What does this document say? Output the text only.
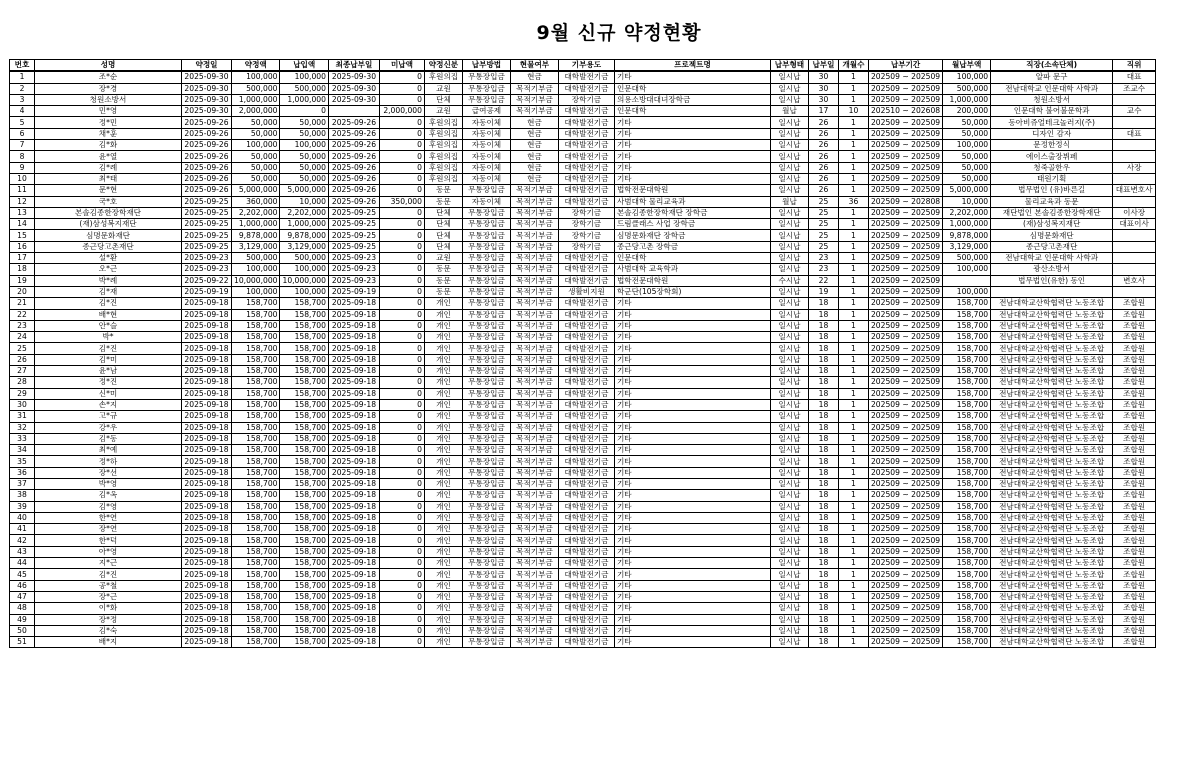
9월 신규 약정현황
번호	성명	약정일	약정액	납입액	최종납부일	미납액	약정신분	납부방법	현물여부	기부용도	프로젝트명	납부형태	납부일	개월수	납부기간	월납부액	직장(소속단체)	직위
1	조*순	2025-09-30	100,000	100,000	2025-09-30	0	후원의집	무통장입금	현금	대학발전기금	기타	일시납	30	1	202509 ~ 202509	100,000	알파 문구	대표
2	장*경	2025-09-30	500,000	500,000	2025-09-30	0	교원	무통장입금	목적기부금	대학발전기금	인문대학	일시납	30	1	202509 ~ 202509	500,000	전남대학교 인문대학 사학과	조교수
3	청원소방서	2025-09-30	1,000,000	1,000,000	2025-09-30	0	단체	무통장입금	목적기부금	장학기금	의용소방대대녀장학금	일시납	30	1	202509 ~ 202509	1,000,000	청원소방서	
4	민*영	2025-09-30	2,000,000	0		2,000,000	교원	급여공제	목적기부금	대학발전기금	인문대학	월납	17	10	202510 ~ 202608	200,000	인문대학 불어불문학과	교수
5	정*민	2025-09-26	50,000	50,000	2025-09-26	0	후원의집	자동이체	현금	대학발전기금	기타	일시납	26	1	202509 ~ 202509	50,000	동아비쥬얼테크놀러지(주)	
6	채*훈	2025-09-26	50,000	50,000	2025-09-26	0	후원의집	자동이체	현금	대학발전기금	기타	일시납	26	1	202509 ~ 202509	50,000	디자인 감자	대표
7	김*화	2025-09-26	100,000	100,000	2025-09-26	0	후원의집	자동이체	현금	대학발전기금	기타	일시납	26	1	202509 ~ 202509	100,000	문정한정식	
8	윤*열	2025-09-26	50,000	50,000	2025-09-26	0	후원의집	자동이체	현금	대학발전기금	기타	일시납	26	1	202509 ~ 202509	50,000	에이스출장뷔페	
9	김*례	2025-09-26	50,000	50,000	2025-09-26	0	후원의집	자동이체	현금	대학발전기금	기타	일시납	26	1	202509 ~ 202509	50,000	청죽골한우	사장
10	최*태	2025-09-26	50,000	50,000	2025-09-26	0	후원의집	자동이체	현금	대학발전기금	기타	일시납	26	1	202509 ~ 202509	50,000	태원기획	
11	문*현	2025-09-26	5,000,000	5,000,000	2025-09-26	0	동문	무통장입금	목적기부금	대학발전기금	법학전문대학원	일시납	26	1	202509 ~ 202509	5,000,000	법무법인 (유)바른길	대표변호사
12	국*호	2025-09-25	360,000	10,000	2025-09-26	350,000	동문	자동이체	목적기부금	대학발전기금	사범대학 물리교육과	월납	25	36	202509 ~ 202808	10,000	물리교육과 동문	
13	본솔김종한장학재단	2025-09-25	2,202,000	2,202,000	2025-09-25	0	단체	무통장입금	목적기부금	장학기금	본솔김종한장학재단 장학금	일시납	25	1	202509 ~ 202509	2,202,000	재단법인 본솔김종한장학재단	이사장
14	(재)삼성복지재단	2025-09-25	1,000,000	1,000,000	2025-09-25	0	단체	무통장입금	목적기부금	장학기금	드림클래스 사업 장학금	일시납	25	1	202509 ~ 202509	1,000,000	(재)삼성복지재단	대표이사
15	심명문화재단	2025-09-25	9,878,000	9,878,000	2025-09-25	0	단체	무통장입금	목적기부금	장학기금	심명문화재단 장학금	일시납	25	1	202509 ~ 202509	9,878,000	심명문화재단	
16	종근당고촌재단	2025-09-25	3,129,000	3,129,000	2025-09-25	0	단체	무통장입금	목적기부금	장학기금	종근당고촌 장학금	일시납	25	1	202509 ~ 202509	3,129,000	종근당고촌재단	
17	설*환	2025-09-23	500,000	500,000	2025-09-23	0	교원	무통장입금	목적기부금	대학발전기금	인문대학	일시납	23	1	202509 ~ 202509	500,000	전남대학교 인문대학 사학과	
18	오*근	2025-09-23	100,000	100,000	2025-09-23	0	동문	무통장입금	목적기부금	대학발전기금	사범대학 교육학과	일시납	23	1	202509 ~ 202509	100,000	광산소방서	
19	박*례	2025-09-22	10,000,000	10,000,000	2025-09-23	0	동문	무통장입금	목적기부금	대학발전기금	법학전문대학원	수시납	22	1	202509 ~ 202509		법무법인(유한) 동인	변호사
20	김*재	2025-09-19	100,000	100,000	2025-09-19	0	동문	무통장입금	목적기부금	생활비지원	학군단(105장학회)	일시납	19	1	202509 ~ 202509	100,000		
21	김*진	2025-09-18	158,700	158,700	2025-09-18	0	개인	무통장입금	목적기부금	대학발전기금	기타	일시납	18	1	202509 ~ 202509	158,700	전남대학교산학협력단 노동조합	조합원
22	배*현	2025-09-18	158,700	158,700	2025-09-18	0	개인	무통장입금	목적기부금	대학발전기금	기타	일시납	18	1	202509 ~ 202509	158,700	전남대학교산학협력단 노동조합	조합원
23	안*슬	2025-09-18	158,700	158,700	2025-09-18	0	개인	무통장입금	목적기부금	대학발전기금	기타	일시납	18	1	202509 ~ 202509	158,700	전남대학교산학협력단 노동조합	조합원
24	박*	2025-09-18	158,700	158,700	2025-09-18	0	개인	무통장입금	목적기부금	대학발전기금	기타	일시납	18	1	202509 ~ 202509	158,700	전남대학교산학협력단 노동조합	조합원
25	김*진	2025-09-18	158,700	158,700	2025-09-18	0	개인	무통장입금	목적기부금	대학발전기금	기타	일시납	18	1	202509 ~ 202509	158,700	전남대학교산학협력단 노동조합	조합원
26	김*미	2025-09-18	158,700	158,700	2025-09-18	0	개인	무통장입금	목적기부금	대학발전기금	기타	일시납	18	1	202509 ~ 202509	158,700	전남대학교산학협력단 노동조합	조합원
27	윤*남	2025-09-18	158,700	158,700	2025-09-18	0	개인	무통장입금	목적기부금	대학발전기금	기타	일시납	18	1	202509 ~ 202509	158,700	전남대학교산학협력단 노동조합	조합원
28	정*진	2025-09-18	158,700	158,700	2025-09-18	0	개인	무통장입금	목적기부금	대학발전기금	기타	일시납	18	1	202509 ~ 202509	158,700	전남대학교산학협력단 노동조합	조합원
29	신*미	2025-09-18	158,700	158,700	2025-09-18	0	개인	무통장입금	목적기부금	대학발전기금	기타	일시납	18	1	202509 ~ 202509	158,700	전남대학교산학협력단 노동조합	조합원
30	손*지	2025-09-18	158,700	158,700	2025-09-18	0	개인	무통장입금	목적기부금	대학발전기금	기타	일시납	18	1	202509 ~ 202509	158,700	전남대학교산학협력단 노동조합	조합원
31	고*규	2025-09-18	158,700	158,700	2025-09-18	0	개인	무통장입금	목적기부금	대학발전기금	기타	일시납	18	1	202509 ~ 202509	158,700	전남대학교산학협력단 노동조합	조합원
32	강*우	2025-09-18	158,700	158,700	2025-09-18	0	개인	무통장입금	목적기부금	대학발전기금	기타	일시납	18	1	202509 ~ 202509	158,700	전남대학교산학협력단 노동조합	조합원
33	김*동	2025-09-18	158,700	158,700	2025-09-18	0	개인	무통장입금	목적기부금	대학발전기금	기타	일시납	18	1	202509 ~ 202509	158,700	전남대학교산학협력단 노동조합	조합원
34	최*예	2025-09-18	158,700	158,700	2025-09-18	0	개인	무통장입금	목적기부금	대학발전기금	기타	일시납	18	1	202509 ~ 202509	158,700	전남대학교산학협력단 노동조합	조합원
35	정*하	2025-09-18	158,700	158,700	2025-09-18	0	개인	무통장입금	목적기부금	대학발전기금	기타	일시납	18	1	202509 ~ 202509	158,700	전남대학교산학협력단 노동조합	조합원
36	장*선	2025-09-18	158,700	158,700	2025-09-18	0	개인	무통장입금	목적기부금	대학발전기금	기타	일시납	18	1	202509 ~ 202509	158,700	전남대학교산학협력단 노동조합	조합원
37	박*영	2025-09-18	158,700	158,700	2025-09-18	0	개인	무통장입금	목적기부금	대학발전기금	기타	일시납	18	1	202509 ~ 202509	158,700	전남대학교산학협력단 노동조합	조합원
38	김*옥	2025-09-18	158,700	158,700	2025-09-18	0	개인	무통장입금	목적기부금	대학발전기금	기타	일시납	18	1	202509 ~ 202509	158,700	전남대학교산학협력단 노동조합	조합원
39	김*영	2025-09-18	158,700	158,700	2025-09-18	0	개인	무통장입금	목적기부금	대학발전기금	기타	일시납	18	1	202509 ~ 202509	158,700	전남대학교산학협력단 노동조합	조합원
40	한*연	2025-09-18	158,700	158,700	2025-09-18	0	개인	무통장입금	목적기부금	대학발전기금	기타	일시납	18	1	202509 ~ 202509	158,700	전남대학교산학협력단 노동조합	조합원
41	장*연	2025-09-18	158,700	158,700	2025-09-18	0	개인	무통장입금	목적기부금	대학발전기금	기타	일시납	18	1	202509 ~ 202509	158,700	전남대학교산학협력단 노동조합	조합원
42	한*덕	2025-09-18	158,700	158,700	2025-09-18	0	개인	무통장입금	목적기부금	대학발전기금	기타	일시납	18	1	202509 ~ 202509	158,700	전남대학교산학협력단 노동조합	조합원
43	아*영	2025-09-18	158,700	158,700	2025-09-18	0	개인	무통장입금	목적기부금	대학발전기금	기타	일시납	18	1	202509 ~ 202509	158,700	전남대학교산학협력단 노동조합	조합원
44	지*근	2025-09-18	158,700	158,700	2025-09-18	0	개인	무통장입금	목적기부금	대학발전기금	기타	일시납	18	1	202509 ~ 202509	158,700	전남대학교산학협력단 노동조합	조합원
45	김*진	2025-09-18	158,700	158,700	2025-09-18	0	개인	무통장입금	목적기부금	대학발전기금	기타	일시납	18	1	202509 ~ 202509	158,700	전남대학교산학협력단 노동조합	조합원
46	공*철	2025-09-18	158,700	158,700	2025-09-18	0	개인	무통장입금	목적기부금	대학발전기금	기타	일시납	18	1	202509 ~ 202509	158,700	전남대학교산학협력단 노동조합	조합원
47	장*근	2025-09-18	158,700	158,700	2025-09-18	0	개인	무통장입금	목적기부금	대학발전기금	기타	일시납	18	1	202509 ~ 202509	158,700	전남대학교산학협력단 노동조합	조합원
48	이*화	2025-09-18	158,700	158,700	2025-09-18	0	개인	무통장입금	목적기부금	대학발전기금	기타	일시납	18	1	202509 ~ 202509	158,700	전남대학교산학협력단 노동조합	조합원
49	장*정	2025-09-18	158,700	158,700	2025-09-18	0	개인	무통장입금	목적기부금	대학발전기금	기타	일시납	18	1	202509 ~ 202509	158,700	전남대학교산학협력단 노동조합	조합원
50	김*숙	2025-09-18	158,700	158,700	2025-09-18	0	개인	무통장입금	목적기부금	대학발전기금	기타	일시납	18	1	202509 ~ 202509	158,700	전남대학교산학협력단 노동조합	조합원
51	배*지	2025-09-18	158,700	158,700	2025-09-18	0	개인	무통장입금	목적기부금	대학발전기금	기타	일시납	18	1	202509 ~ 202509	158,700	전남대학교산학협력단 노동조합	조합원
